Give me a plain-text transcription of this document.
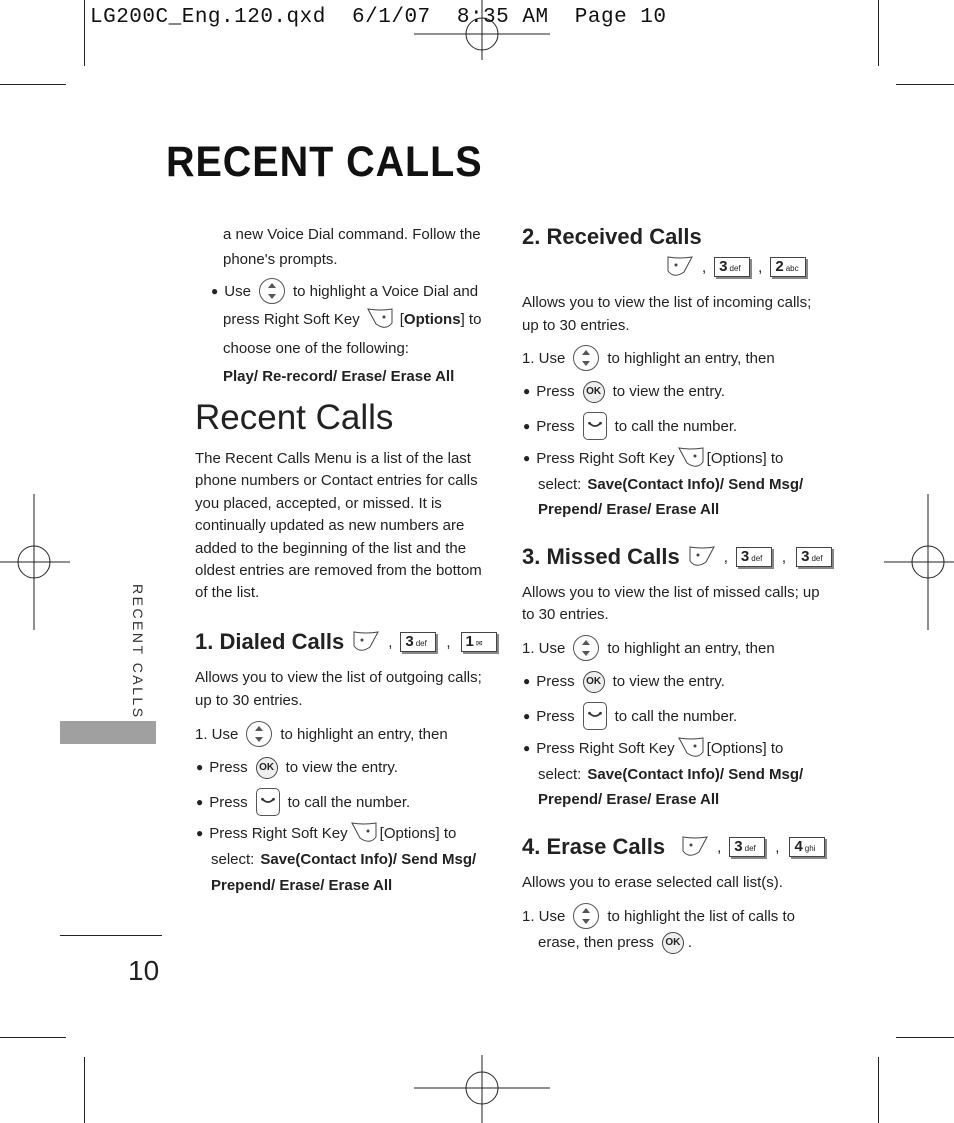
LG200C_Eng.120.qxd  6/1/07  8:35 AM  Page 10
RECENT CALLS
RECENT CALLS
10
a new Voice Dial command. Follow the
phone's prompts.
● Use	to highlight a Voice Dial and
press Right Soft Key	[ Options ] to
choose one of the following:
Play/ Re-record/ Erase/ Erase All
Recent Calls
The Recent Calls Menu is a list of the last
phone numbers or Contact entries for calls
you placed, accepted, or missed. It is
continually updated as new numbers are
added to the beginning of the list and the
oldest entries are removed from the bottom
of the list.
1. Dialed Calls	, 3 def , 1 ✉
Allows you to view the list of outgoing calls;
up to 30 entries.
1. Use	to highlight an entry, then
● Press	OK to view the entry.
● Press	to call the number.
● Press Right Soft Key [Options] to
select: Save(Contact Info)/ Send Msg/
Prepend/ Erase/ Erase All
2. Received Calls
, 3 def , 2 abc
Allows you to view the list of incoming calls;
up to 30 entries.
1. Use	to highlight an entry, then
● Press	OK to view the entry.
● Press	to call the number.
● Press Right Soft Key [Options] to
select: Save(Contact Info)/ Send Msg/
Prepend/ Erase/ Erase All
3. Missed Calls	, 3 def , 3 def
Allows you to view the list of missed calls; up
to 30 entries.
1. Use	to highlight an entry, then
● Press	OK to view the entry.
● Press	to call the number.
● Press Right Soft Key [Options] to
select: Save(Contact Info)/ Send Msg/
Prepend/ Erase/ Erase All
4. Erase Calls	, 3 def , 4 ghi
Allows you to erase selected call list(s).
1. Use	to highlight the list of calls to
erase, then press	OK .
